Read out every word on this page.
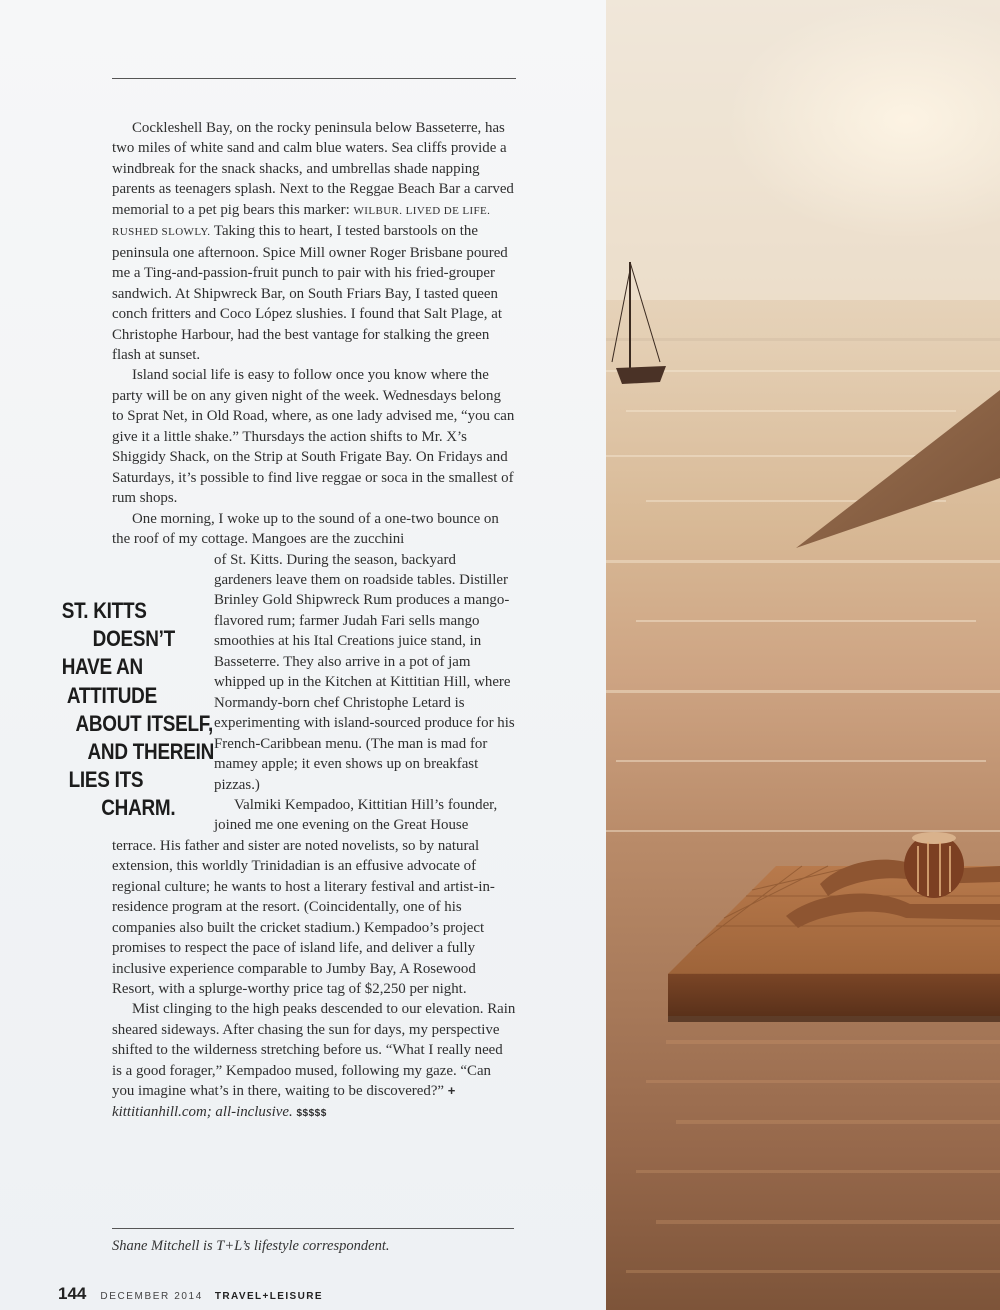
Cockleshell Bay, on the rocky peninsula below Basseterre, has two miles of white sand and calm blue waters. Sea cliffs provide a windbreak for the snack shacks, and umbrellas shade napping parents as teenagers splash. Next to the Reggae Beach Bar a carved memorial to a pet pig bears this marker: WILBUR. LIVED DE LIFE. RUSHED SLOWLY. Taking this to heart, I tested barstools on the peninsula one afternoon. Spice Mill owner Roger Brisbane poured me a Ting-and-passion-fruit punch to pair with his fried-grouper sandwich. At Shipwreck Bar, on South Friars Bay, I tasted queen conch fritters and Coco López slushies. I found that Salt Plage, at Christophe Harbour, had the best vantage for stalking the green flash at sunset.

Island social life is easy to follow once you know where the party will be on any given night of the week. Wednesdays belong to Sprat Net, in Old Road, where, as one lady advised me, “you can give it a little shake.” Thursdays the action shifts to Mr. X’s Shiggidy Shack, on the Strip at South Frigate Bay. On Fridays and Saturdays, it’s possible to find live reggae or soca in the smallest of rum shops.

One morning, I woke up to the sound of a one-two bounce on the roof of my cottage. Mangoes are the zucchini

of St. Kitts. During the season, backyard gardeners leave them on roadside tables. Distiller Brinley Gold Shipwreck Rum produces a mango-flavored rum; farmer Judah Fari sells mango smoothies at his Ital Creations juice stand, in Basseterre. They also arrive in a pot of jam whipped up in the Kitchen at Kittitian Hill, where Normandy-born chef Christophe Letard is experimenting with island-sourced produce for his French-Caribbean menu. (The man is mad for mamey apple; it even shows up on breakfast pizzas.)

Valmiki Kempadoo, Kittitian Hill’s founder, joined me one evening on the Great House terrace. His father and sister are noted novelists, so by natural extension, this worldly Trinidadian is an effusive advocate of regional culture; he wants to host a literary festival and artist-in-residence program at the resort. (Coincidentally, one of his companies also built the cricket stadium.) Kempadoo’s project promises to respect the pace of island life, and deliver a fully inclusive experience comparable to Jumby Bay, A Rosewood Resort, with a splurge-worthy price tag of $2,250 per night.

Mist clinging to the high peaks descended to our elevation. Rain sheared sideways. After chasing the sun for days, my perspective shifted to the wilderness stretching before us. “What I really need is a good forager,” Kempadoo mused, following my gaze. “Can you imagine what’s in there, waiting to be discovered?” + kittitianhill.com; all-inclusive. $$$$$

ST. KITTS
DOESN’T
HAVE AN
ATTITUDE
ABOUT ITSELF,
AND THEREIN
LIES ITS
CHARM.
Shane Mitchell is T+L’s lifestyle correspondent.
144 DECEMBER 2014 TRAVEL+LEISURE
